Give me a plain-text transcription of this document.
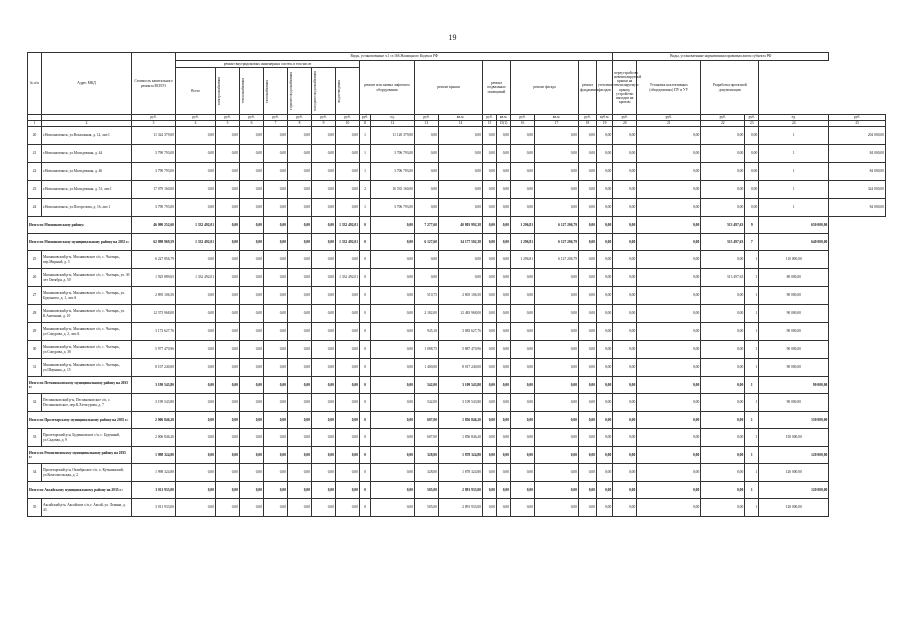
19
№ п/п	Адрес МКД	Стоимость капитального ремонта ВСЕГО	Виды, установленные ч.1 ст.166 Жилищного Кодекса РФ																	Виды, установленные нормативным правовым актом субъекта РФ					
			ремонт внутридомовых инженерных систем, в том числе							ремонт или замена лифтового оборудования		ремонт крыши		ремонт подвальных помещений		ремонт фасада		ремонт фундамента	утепление фасадов	переустройство невентилируемой крыши на вентилируемую крышу, устройство выходов на кровлю	Установка коллективных (общедомовых) ПУ и УУ	Разработка проектной документации			
			Всего	электроснабжения	теплоснабжения	газоснабжения	горячего водоснабжения	холодного водоснабжения	водоотведения																

		руб.	руб.	руб.	руб.	руб.	руб.	руб.	руб.	руб.	ед.	руб.	кв.м.	руб.	кв.м.	руб.	кв.м.	руб.	куб.м.	руб.	руб.	руб.	руб.	ед.	руб.
1	2	3	4	5	6	7	8	9	10	11	12	13	14	15	15(1)	16	17	18	19	20	21	22	23	24	25
20	г.Новошахтинск, ул.Вокзальная, д. 12, лит.1	11 324 379,00	0,00	0,00	0,00	0,00	0,00	0,00	0,00	1	11 120 379,00	0,00	0,00	0,00	0,00	0,00	0,00	0,00	0,00	0,00	0,00	0,00	0,00	1	204 000,00
21	г.Новошахтинск, ул.Молодежная, д. 44	3 790 793,00	0,00	0,00	0,00	0,00	0,00	0,00	0,00	1	3 706 793,00	0,00	0,00	0,00	0,00	0,00	0,00	0,00	0,00	0,00	0,00	0,00	0,00	1	84 000,00
22	г.Новошахтинск, ул.Молодежная, д. 46	3 790 793,00	0,00	0,00	0,00	0,00	0,00	0,00	0,00	1	3 706 793,00	0,00	0,00	0,00	0,00	0,00	0,00	0,00	0,00	0,00	0,00	0,00	0,00	1	84 000,00
23	г.Новошахтинск, ул.Молодежная, д. 51, лит.1	17 079 160,00	0,00	0,00	0,00	0,00	0,00	0,00	0,00	2	16 535 160,00	0,00	0,00	0,00	0,00	0,00	0,00	0,00	0,00	0,00	0,00	0,00	0,00	1	324 000,00
24	г.Новошахтинск, ул.Погорелова, д. 16, лит.1	3 790 793,00	0,00	0,00	0,00	0,00	0,00	0,00	0,00	1	3 706 793,00	0,00	0,00	0,00	0,00	0,00	0,00	0,00	0,00	0,00	0,00	0,00	0,00	1	84 000,00
Итого по Мясниковскому району:		46 090 252,60	1 332 492,01	0,00	0,00	0,00	0,00	0,00	1 332 492,01	0	0,00	7 277,60	40 803 992,38	0,00	0,00	1 296,81	6 127 206,79	0,00	0,00	0,00	0,00	513 497,63	9	650 000,00	
Итого по Мясниковскому муниципальному району на 2035 г.:		62 898 969,59	1 332 492,01	0,00	0,00	0,00	0,00	0,00	1 332 492,01	0	0,00	6 127,60	34 177 502,38	0,00	0,00	1 296,81	6 127 206,79	0,00	0,00	0,00	0,00	513 497,63	7	640 000,00	
25	Мясниковский р-н, Мясниковское с/п, с. Чалтырь, пер.Мирный, д. 3	6 227 856,79	0,00	0,00	0,00	0,00	0,00	0,00	0,00	0	0,00	0,00	0,00	0,00	0,00	1 296,81	6 127 206,79	0,00	0,00	0,00	0,00	0,00	1	110 000,00	
26	Мясниковский р-н, Мясниковское с/п, с. Чалтырь, ул. 30 лет Октября, д. 50	1 925 889,65	1 332 492,01	0,00	0,00	0,00	0,00	0,00	1 332 492,01	0	0,00	0,00	0,00	0,00	0,00	0,00	0,00	0,00	0,00	0,00	0,00	513 497,63	1	80 000,00	
27	Мясниковский р-н, Мясниковское с/п, с. Чалтырь, ул. Буденного, д. 1, лит.А	2 895 106,50	0,00	0,00	0,00	0,00	0,00	0,00	0,00	0	0,00	510,75	2 805 106,50	0,00	0,00	0,00	0,00	0,00	0,00	0,00	0,00	0,00	1	90 000,00	
28	Мясниковский р-н, Мясниковское с/п, с. Чалтырь, ул. К.Антоняна, д. 10	12 573 968,00	0,00	0,00	0,00	0,00	0,00	0,00	0,00	0	0,00	2 182,00	12 483 968,00	0,00	0,00	0,00	0,00	0,00	0,00	0,00	0,00	0,00	1	90 000,00	
29	Мясниковский р-н, Мясниковское с/п, с. Чалтырь, ул.Сокурова, д. 2, лит.А	3 173 627,76	0,00	0,00	0,00	0,00	0,00	0,00	0,00	0	0,00	945,10	3 083 627,76	0,00	0,00	0,00	0,00	0,00	0,00	0,00	0,00	0,00	1	90 000,00	
30	Мясниковский р-н, Мясниковское с/п, с. Чалтырь, ул.Сокурова, д. 36	5 977 470,96	0,00	0,00	0,00	0,00	0,00	0,00	0,00	0	0,00	1 088,75	5 887 470,96	0,00	0,00	0,00	0,00	0,00	0,00	0,00	0,00	0,00	1	90 000,00	
31	Мясниковский р-н, Мясниковское с/п, с. Чалтырь, ул.Шаумяна, д. 15	8 107 240,00	0,00	0,00	0,00	0,00	0,00	0,00	0,00	0	0,00	1 400,00	8 017 240,00	0,00	0,00	0,00	0,00	0,00	0,00	0,00	0,00	0,00	1	90 000,00	
Итого по Песчанокопскому муниципальному району на 2035 г.:		3 199 543,80	0,00	0,00	0,00	0,00	0,00	0,00	0,00	0	0,00	542,00	3 109 543,80	0,00	0,00	0,00	0,00	0,00	0,00	0,00	0,00	0,00	1	90 000,00	
32	Песчанокопский р-н, Песчанокопское с/п, с. Песчанокопское, пер.К.Хетагурова, д. 7	3 199 543,80	0,00	0,00	0,00	0,00	0,00	0,00	0,00	0	0,00	542,00	3 109 543,80	0,00	0,00	0,00	0,00	0,00	0,00	0,00	0,00	0,00	1	90 000,00	
Итого по Пролетарскому муниципальному району на 2035 г.:		2 006 846,20	0,00	0,00	0,00	0,00	0,00	0,00	0,00	0	0,00	607,00	1 856 846,20	0,00	0,00	0,00	0,00	0,00	0,00	0,00	0,00	0,00	1	150 000,00	
33	Пролетарский р-н, Буденновское с/п, с. Буденный, ул.Садовая, д. 9	2 006 846,20	0,00	0,00	0,00	0,00	0,00	0,00	0,00	0	0,00	607,00	1 856 846,20	0,00	0,00	0,00	0,00	0,00	0,00	0,00	0,00	0,00	1	150 000,00	
Итого по Ремонтненскому муниципальному району на 2035 г.:		1 998 324,80	0,00	0,00	0,00	0,00	0,00	0,00	0,00	0	0,00	328,00	1 878 324,80	0,00	0,00	0,00	0,00	0,00	0,00	0,00	0,00	0,00	1	120 000,00	
34	Пролетарский р-н, Октябрьское с/п, х. Кузьминский, ул.Комсомольская, д. 2	1 998 324,80	0,00	0,00	0,00	0,00	0,00	0,00	0,00	0	0,00	328,00	1 878 324,80	0,00	0,00	0,00	0,00	0,00	0,00	0,00	0,00	0,00	1	120 000,00	
Итого по Аксайскому муниципальному району на 2035 г.:		3 011 933,00	0,00	0,00	0,00	0,00	0,00	0,00	0,00	0	0,00	505,00	2 891 933,00	0,00	0,00	0,00	0,00	0,00	0,00	0,00	0,00	0,00	1	120 000,00	
35	Аксайский р-н, Аксайское с/п, г. Аксай, ул. Ленина, д. 43	3 011 933,00	0,00	0,00	0,00	0,00	0,00	0,00	0,00	0	0,00	505,00	2 891 933,00	0,00	0,00	0,00	0,00	0,00	0,00	0,00	0,00	0,00	1	120 000,00	
